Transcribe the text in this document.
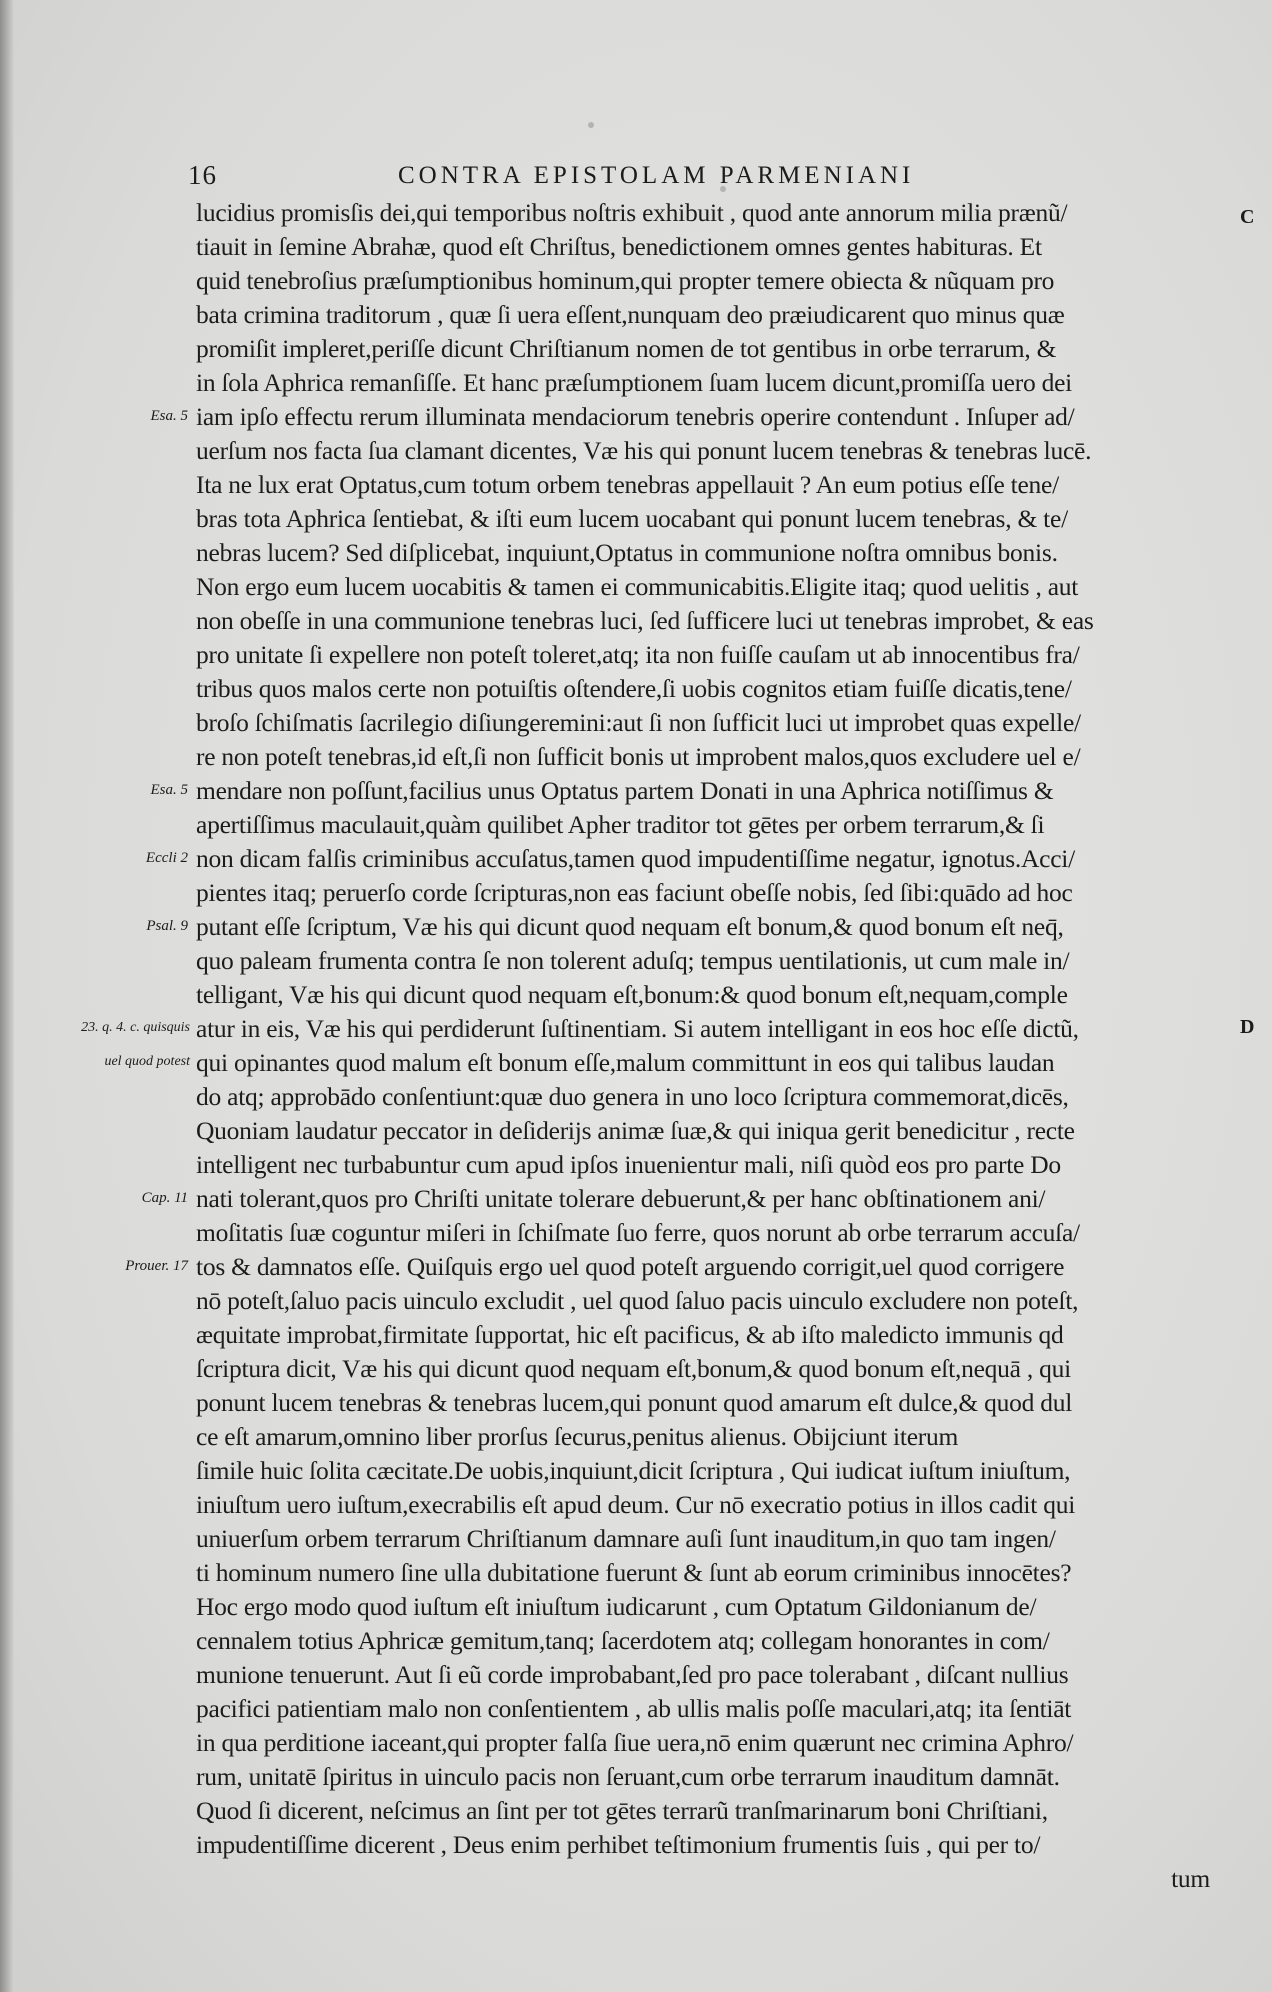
16	CONTRA EPISTOLAM PARMENIANI
Esa. 5
Esa. 5
Eccli 2
Psal. 9
23. q. 4. c. quisquis
uel quod potest
Cap. 11
Prouer. 17
C
D
lucidius promisſis dei,qui temporibus noſtris exhibuit , quod ante annorum milia prænũ/
tiauit in ſemine Abrahæ, quod eſt Chriſtus, benedictionem omnes gentes habituras. Et
quid tenebroſius præſumptionibus hominum,qui propter temere obiecta & nũquam pro
bata crimina traditorum , quæ ſi uera eſſent,nunquam deo præiudicarent quo minus quæ
promiſit impleret,periſſe dicunt Chriſtianum nomen de tot gentibus in orbe terrarum, &
in ſola Aphrica remanſiſſe. Et hanc præſumptionem ſuam lucem dicunt,promiſſa uero dei
iam ipſo effectu rerum illuminata mendaciorum tenebris operire contendunt . Inſuper ad/
uerſum nos facta ſua clamant dicentes, Væ his qui ponunt lucem tenebras & tenebras lucē.
Ita ne lux erat Optatus,cum totum orbem tenebras appellauit ? An eum potius eſſe tene/
bras tota Aphrica ſentiebat, & iſti eum lucem uocabant qui ponunt lucem tenebras, & te/
nebras lucem? Sed diſplicebat, inquiunt,Optatus in communione noſtra omnibus bonis.
Non ergo eum lucem uocabitis & tamen ei communicabitis.Eligite itaq; quod uelitis , aut
non obeſſe in una communione tenebras luci, ſed ſufficere luci ut tenebras improbet, & eas
pro unitate ſi expellere non poteſt toleret,atq; ita non fuiſſe cauſam ut ab innocentibus fra/
tribus quos malos certe non potuiſtis oſtendere,ſi uobis cognitos etiam fuiſſe dicatis,tene/
broſo ſchiſmatis ſacrilegio diſiungeremini:aut ſi non ſufficit luci ut improbet quas expelle/
re non poteſt tenebras,id eſt,ſi non ſufficit bonis ut improbent malos,quos excludere uel e/
mendare non poſſunt,facilius unus Optatus partem Donati in una Aphrica notiſſimus &
apertiſſimus maculauit,quàm quilibet Apher traditor tot gētes per orbem terrarum,& ſi
non dicam falſis criminibus accuſatus,tamen quod impudentiſſime negatur, ignotus.Acci/
pientes itaq; peruerſo corde ſcripturas,non eas faciunt obeſſe nobis, ſed ſibi:quādo ad hoc
putant eſſe ſcriptum, Væ his qui dicunt quod nequam eſt bonum,& quod bonum eſt neq̄,
quo paleam frumenta contra ſe non tolerent aduſq; tempus uentilationis, ut cum male in/
telligant, Væ his qui dicunt quod nequam eſt,bonum:& quod bonum eſt,nequam,comple
atur in eis, Væ his qui perdiderunt ſuſtinentiam. Si autem intelligant in eos hoc eſſe dictũ,
qui opinantes quod malum eſt bonum eſſe,malum committunt in eos qui talibus laudan
do atq; approbādo conſentiunt:quæ duo genera in uno loco ſcriptura commemorat,dicēs,
Quoniam laudatur peccator in deſiderijs animæ ſuæ,& qui iniqua gerit benedicitur , recte
intelligent nec turbabuntur cum apud ipſos inuenientur mali, niſi quòd eos pro parte Do
nati tolerant,quos pro Chriſti unitate tolerare debuerunt,& per hanc obſtinationem ani/
moſitatis ſuæ coguntur miſeri in ſchiſmate ſuo ferre, quos norunt ab orbe terrarum accuſa/
tos & damnatos eſſe. Quiſquis ergo uel quod poteſt arguendo corrigit,uel quod corrigere
nō poteſt,ſaluo pacis uinculo excludit , uel quod ſaluo pacis uinculo excludere non poteſt,
æquitate improbat,firmitate ſupportat, hic eſt pacificus, & ab iſto maledicto immunis qd
ſcriptura dicit, Væ his qui dicunt quod nequam eſt,bonum,& quod bonum eſt,nequā , qui
ponunt lucem tenebras & tenebras lucem,qui ponunt quod amarum eſt dulce,& quod dul
ce eſt amarum,omnino liber prorſus ſecurus,penitus alienus. Obijciunt iterum
ſimile huic ſolita cæcitate.De uobis,inquiunt,dicit ſcriptura , Qui iudicat iuſtum iniuſtum,
iniuſtum uero iuſtum,execrabilis eſt apud deum. Cur nō execratio potius in illos cadit qui
uniuerſum orbem terrarum Chriſtianum damnare auſi ſunt inauditum,in quo tam ingen/
ti hominum numero ſine ulla dubitatione fuerunt & ſunt ab eorum criminibus innocētes?
Hoc ergo modo quod iuſtum eſt iniuſtum iudicarunt , cum Optatum Gildonianum de/
cennalem totius Aphricæ gemitum,tanq; ſacerdotem atq; collegam honorantes in com/
munione tenuerunt. Aut ſi eũ corde improbabant,ſed pro pace tolerabant , diſcant nullius
pacifici patientiam malo non conſentientem , ab ullis malis poſſe maculari,atq; ita ſentiāt
in qua perditione iaceant,qui propter falſa ſiue uera,nō enim quærunt nec crimina Aphro/
rum, unitatē ſpiritus in uinculo pacis non ſeruant,cum orbe terrarum inauditum damnāt.
Quod ſi dicerent, neſcimus an ſint per tot gētes terrarũ tranſmarinarum boni Chriſtiani,
impudentiſſime dicerent , Deus enim perhibet teſtimonium frumentis ſuis , qui per to/
tum
